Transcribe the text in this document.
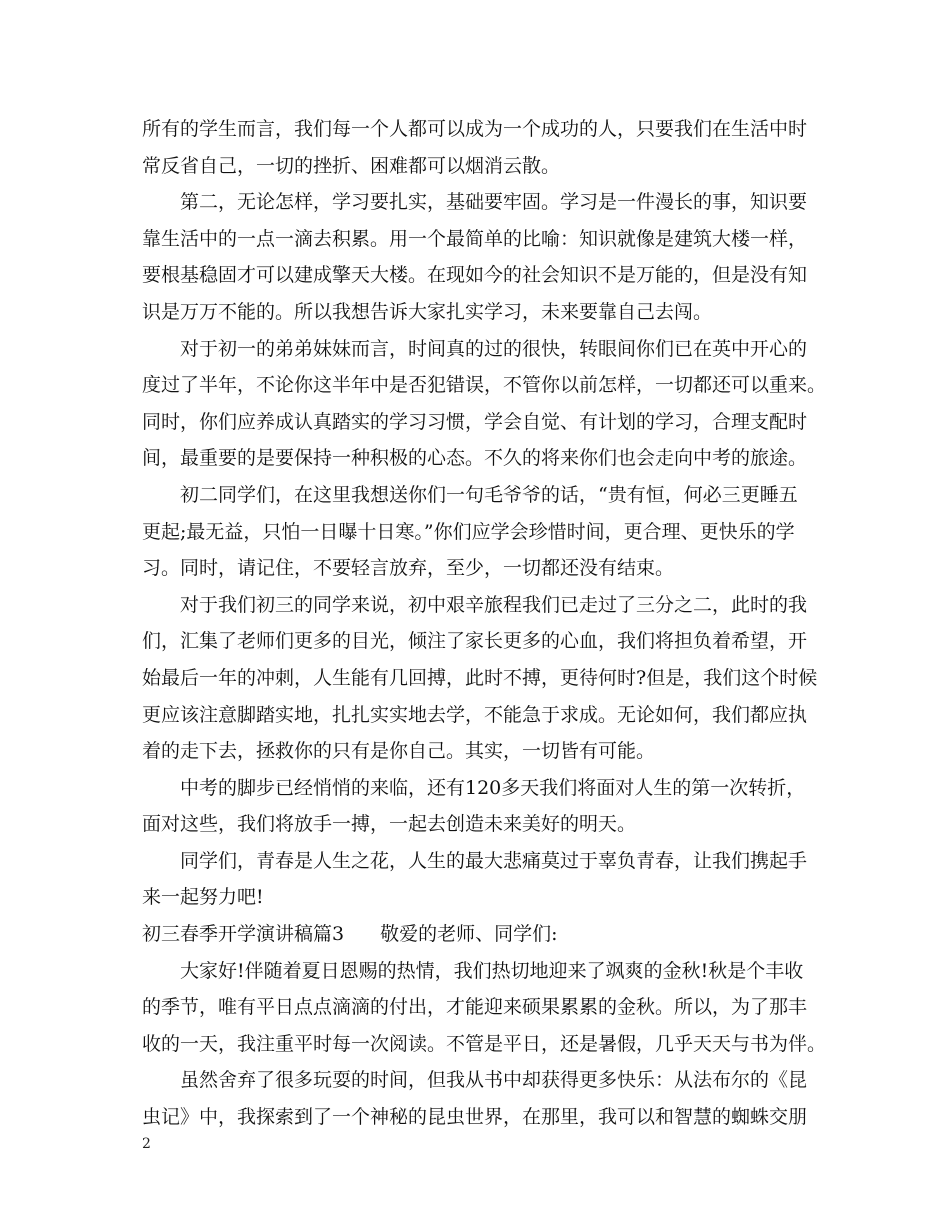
所有的学生而言，我们每一个人都可以成为一个成功的人，只要我们在生活中时
常反省自己，一切的挫折、困难都可以烟消云散。
第二，无论怎样，学习要扎实，基础要牢固。学习是一件漫长的事，知识要
靠生活中的一点一滴去积累。用一个最简单的比喻：知识就像是建筑大楼一样，
要根基稳固才可以建成擎天大楼。在现如今的社会知识不是万能的，但是没有知
识是万万不能的。所以我想告诉大家扎实学习，未来要靠自己去闯。
对于初一的弟弟妹妹而言，时间真的过的很快，转眼间你们已在英中开心的
度过了半年，不论你这半年中是否犯错误，不管你以前怎样，一切都还可以重来。
同时，你们应养成认真踏实的学习习惯，学会自觉、有计划的学习，合理支配时
间，最重要的是要保持一种积极的心态。不久的将来你们也会走向中考的旅途。
初二同学们，在这里我想送你们一句毛爷爷的话，“贵有恒，何必三更睡五
更起;最无益，只怕一日曝十日寒。”你们应学会珍惜时间，更合理、更快乐的学
习。同时，请记住，不要轻言放弃，至少，一切都还没有结束。
对于我们初三的同学来说，初中艰辛旅程我们已走过了三分之二，此时的我
们，汇集了老师们更多的目光，倾注了家长更多的心血，我们将担负着希望，开
始最后一年的冲刺，人生能有几回搏，此时不搏，更待何时?但是，我们这个时候
更应该注意脚踏实地，扎扎实实地去学，不能急于求成。无论如何，我们都应执
着的走下去，拯救你的只有是你自己。其实，一切皆有可能。
中考的脚步已经悄悄的来临，还有120多天我们将面对人生的第一次转折，
面对这些，我们将放手一搏，一起去创造未来美好的明天。
同学们，青春是人生之花，人生的最大悲痛莫过于辜负青春，让我们携起手
来一起努力吧!
初三春季开学演讲稿篇3 敬爱的老师、同学们:
大家好!伴随着夏日恩赐的热情，我们热切地迎来了飒爽的金秋!秋是个丰收
的季节，唯有平日点点滴滴的付出，才能迎来硕果累累的金秋。所以，为了那丰
收的一天，我注重平时每一次阅读。不管是平日，还是暑假，几乎天天与书为伴。
虽然舍弃了很多玩耍的时间，但我从书中却获得更多快乐：从法布尔的《昆
虫记》中，我探索到了一个神秘的昆虫世界，在那里，我可以和智慧的蜘蛛交朋
2
